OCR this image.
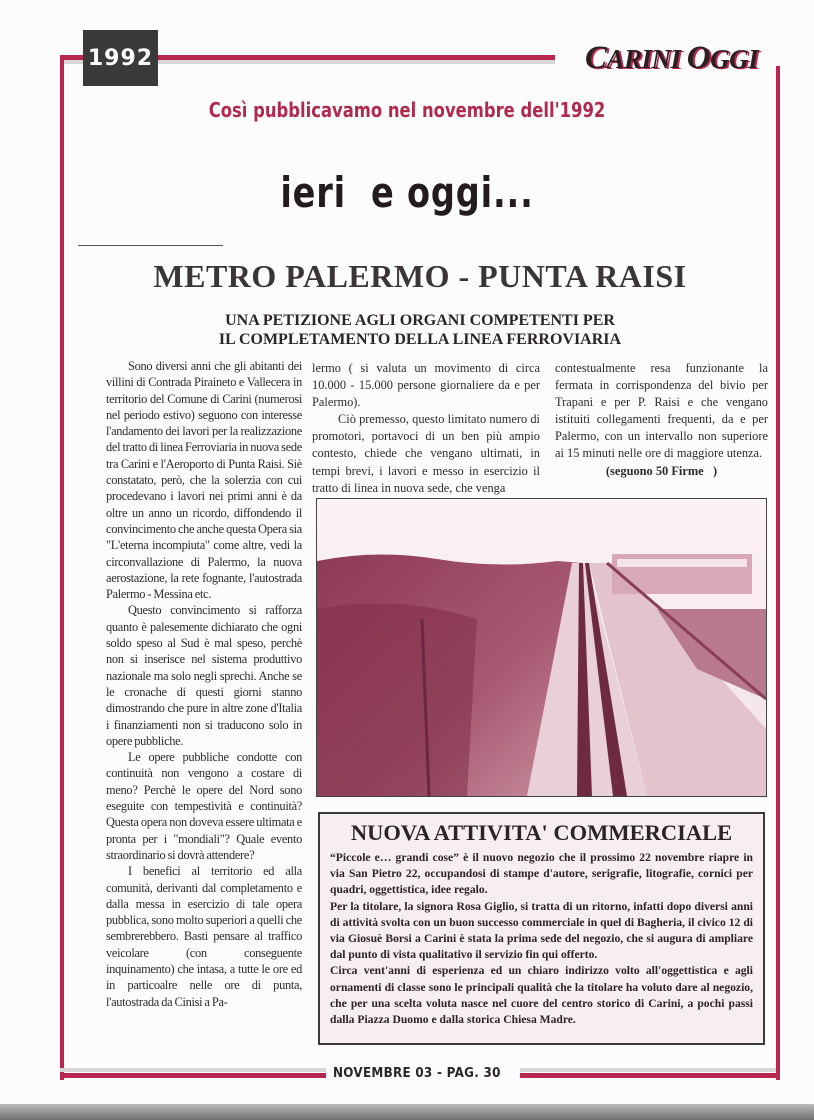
1992	CARINI OGGI
Così pubblicavamo nel novembre dell'1992
ieri  e oggi...
METRO PALERMO - PUNTA RAISI
UNA PETIZIONE AGLI ORGANI COMPETENTI PER
IL COMPLETAMENTO DELLA LINEA FERROVIARIA

Sono diversi anni che gli abitanti dei villini di Contrada Piraineto e Vallecera in territorio del Comune di Carini (numerosi nel periodo estivo) seguono con interesse l'andamento dei lavori per la realizzazione del tratto di linea Ferroviaria in nuova sede tra Carini e l'Aeroporto di Punta Raisi. Siè constatato, però, che la solerzia con cui procedevano i lavori nei primi anni è da oltre un anno un ricordo, diffondendo il convincimento che anche questa Opera sia "L'eterna incompiuta" come altre, vedi la circonvallazione di Palermo, la nuova aerostazione, la rete fognante, l'autostrada Palermo - Messina etc.

Questo convincimento si rafforza quanto è palesemente dichiarato che ogni soldo speso al Sud è mal speso, perchè non si inserisce nel sistema produttivo nazionale ma solo negli sprechi. Anche se le cronache di questi giorni stanno dimostrando che pure in altre zone d'Italia i finanziamenti non si traducono solo in opere pubbliche.

Le opere pubbliche condotte con continuità non vengono a costare di meno? Perchè le opere del Nord sono eseguite con tempestività e continuità? Questa opera non doveva essere ultimata e pronta per i "mondiali"? Quale evento straordinario si dovrà attendere?

I benefici al territorio ed alla comunità, derivanti dal completamento e dalla messa in esercizio di tale opera pubblica, sono molto superiori a quelli che sembrerebbero. Basti pensare al traffico veicolare (con conseguente inquinamento) che intasa, a tutte le ore ed in particoalre nelle ore di punta, l'autostrada da Cinisi a Pa-

lermo ( si valuta un movimento di circa 10.000 - 15.000 persone giornaliere da e per Palermo).

Ciò premesso, questo limitato numero di promotori, portavoci di un ben più ampio contesto, chiede che vengano ultimati, in tempi brevi, i lavori e messo in esercizio il tratto di linea in nuova sede, che venga

contestualmente resa funzionante la fermata in corrispondenza del bivio per Trapani e per P. Raisi e che vengano istituiti collegamenti frequenti, da e per Palermo, con un intervallo non superiore ai 15 minuti nelle ore di maggiore utenza.

(seguono 50 Firme   )
NUOVA ATTIVITA' COMMERCIALE

“Piccole e… grandi cose” è il nuovo negozio che il prossimo 22 novembre riapre in via San Pietro 22, occupandosi di stampe d'autore, serigrafie, litografie, cornici per quadri, oggettistica, idee regalo.

Per la titolare, la signora Rosa Giglio, si tratta di un ritorno, infatti dopo diversi anni di attività svolta con un buon successo commerciale in quel di Bagheria, il civico 12 di via Giosuè Borsi a Carini è stata la prima sede del negozio, che si augura di ampliare dal punto di vista qualitativo il servizio fin qui offerto.

Circa vent'anni di esperienza ed un chiaro indirizzo volto all'oggettistica e agli ornamenti di classe sono le principali qualità che la titolare ha voluto dare al negozio, che per una scelta voluta nasce nel cuore del centro storico di Carini, a pochi passi dalla Piazza Duomo e dalla storica Chiesa Madre.

NOVEMBRE 03 - PAG. 30
